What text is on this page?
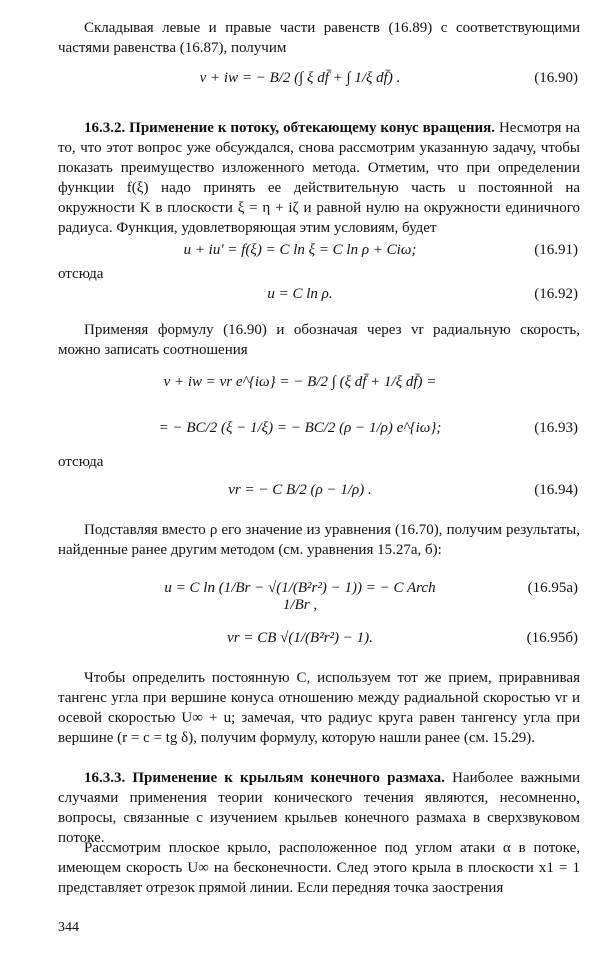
Складывая левые и правые части равенств (16.89) с соответствующими частями равенства (16.87), получим
v + iw = − B/2 (∫ ξ df̄ + ∫ 1/ξ df̄) .	(16.90)
16.3.2. Применение к потоку, обтекающему конус вращения. Несмотря на то, что этот вопрос уже обсуждался, снова рассмотрим указанную задачу, чтобы показать преимущество изложенного метода. Отметим, что при определении функции f(ξ) надо принять ее действительную часть u постоянной на окружности K в плоскости ξ = η + iζ и равной нулю на окружности единичного радиуса. Функция, удовлетворяющая этим условиям, будет
u + iu′ = f(ξ) = C ln ξ = C ln ρ + Ciω;	(16.91)
отсюда
u = C ln ρ.	(16.92)
Применяя формулу (16.90) и обозначая через vr радиальную скорость, можно записать соотношения
v + iw = vr e^{iω} = − B/2 ∫ (ξ df̄ + 1/ξ df̄) =
= − BC/2 (ξ − 1/ξ) = − BC/2 (ρ − 1/ρ) e^{iω};	(16.93)
отсюда
vr = − C B/2 (ρ − 1/ρ) .	(16.94)
Подставляя вместо ρ его значение из уравнения (16.70), получим результаты, найденные ранее другим методом (см. уравнения 15.27а, б):
u = C ln (1/Br − √(1/(B²r²) − 1)) = − C Arch 1/Br ,
(16.95а)
vr = CB √(1/(B²r²) − 1).	(16.95б)
Чтобы определить постоянную C, используем тот же прием, приравнивая тангенс угла при вершине конуса отношению между радиальной скоростью vr и осевой скоростью U∞ + u; замечая, что радиус круга равен тангенсу угла при вершине (r = c = tg δ), получим формулу, которую нашли ранее (см. 15.29).
16.3.3. Применение к крыльям конечного размаха. Наиболее важными случаями применения теории конического течения являются, несомненно, вопросы, связанные с изучением крыльев конечного размаха в сверхзвуковом потоке.
Рассмотрим плоское крыло, расположенное под углом атаки α в потоке, имеющем скорость U∞ на бесконечности. След этого крыла в плоскости x1 = 1 представляет отрезок прямой линии. Если передняя точка заострения
344
